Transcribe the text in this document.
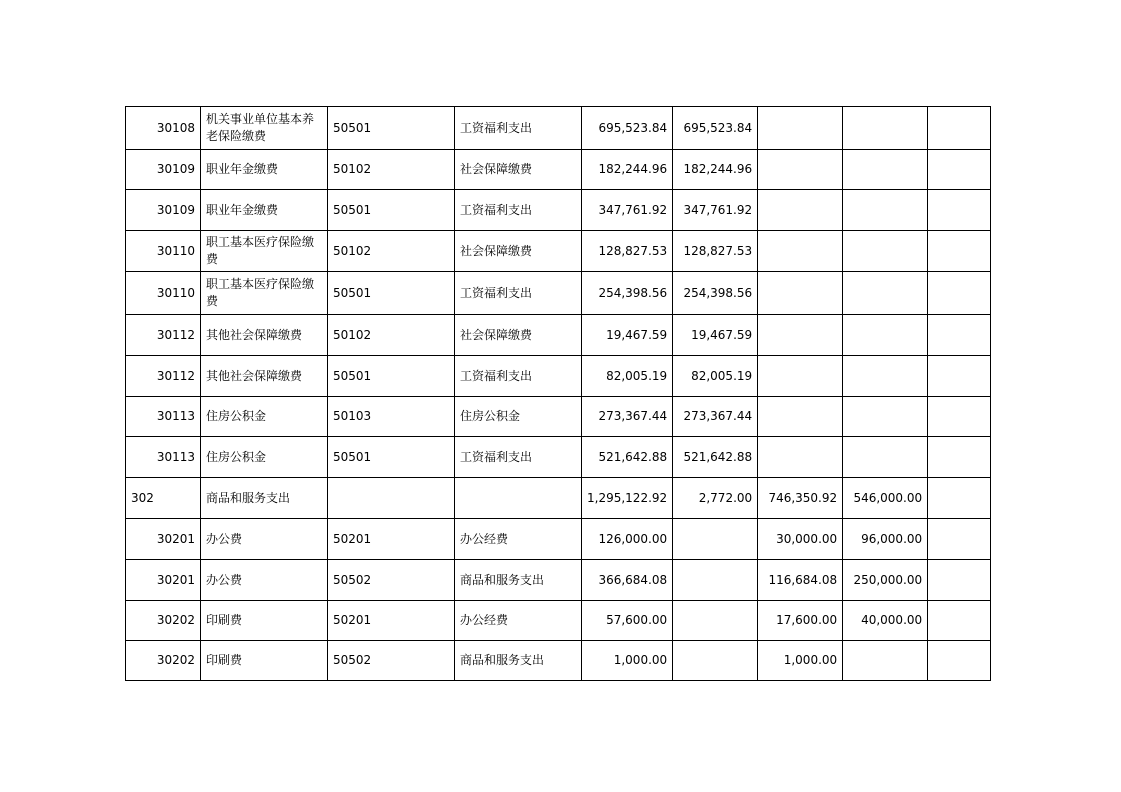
30108	机关事业单位基本养老保险缴费	50501	工资福利支出	695,523.84	695,523.84			
30109	职业年金缴费	50102	社会保障缴费	182,244.96	182,244.96			
30109	职业年金缴费	50501	工资福利支出	347,761.92	347,761.92			
30110	职工基本医疗保险缴费	50102	社会保障缴费	128,827.53	128,827.53			
30110	职工基本医疗保险缴费	50501	工资福利支出	254,398.56	254,398.56			
30112	其他社会保障缴费	50102	社会保障缴费	19,467.59	19,467.59			
30112	其他社会保障缴费	50501	工资福利支出	82,005.19	82,005.19			
30113	住房公积金	50103	住房公积金	273,367.44	273,367.44			
30113	住房公积金	50501	工资福利支出	521,642.88	521,642.88			
302	商品和服务支出			1,295,122.92	2,772.00	746,350.92	546,000.00	
30201	办公费	50201	办公经费	126,000.00		30,000.00	96,000.00	
30201	办公费	50502	商品和服务支出	366,684.08		116,684.08	250,000.00	
30202	印刷费	50201	办公经费	57,600.00		17,600.00	40,000.00	
30202	印刷费	50502	商品和服务支出	1,000.00		1,000.00		
